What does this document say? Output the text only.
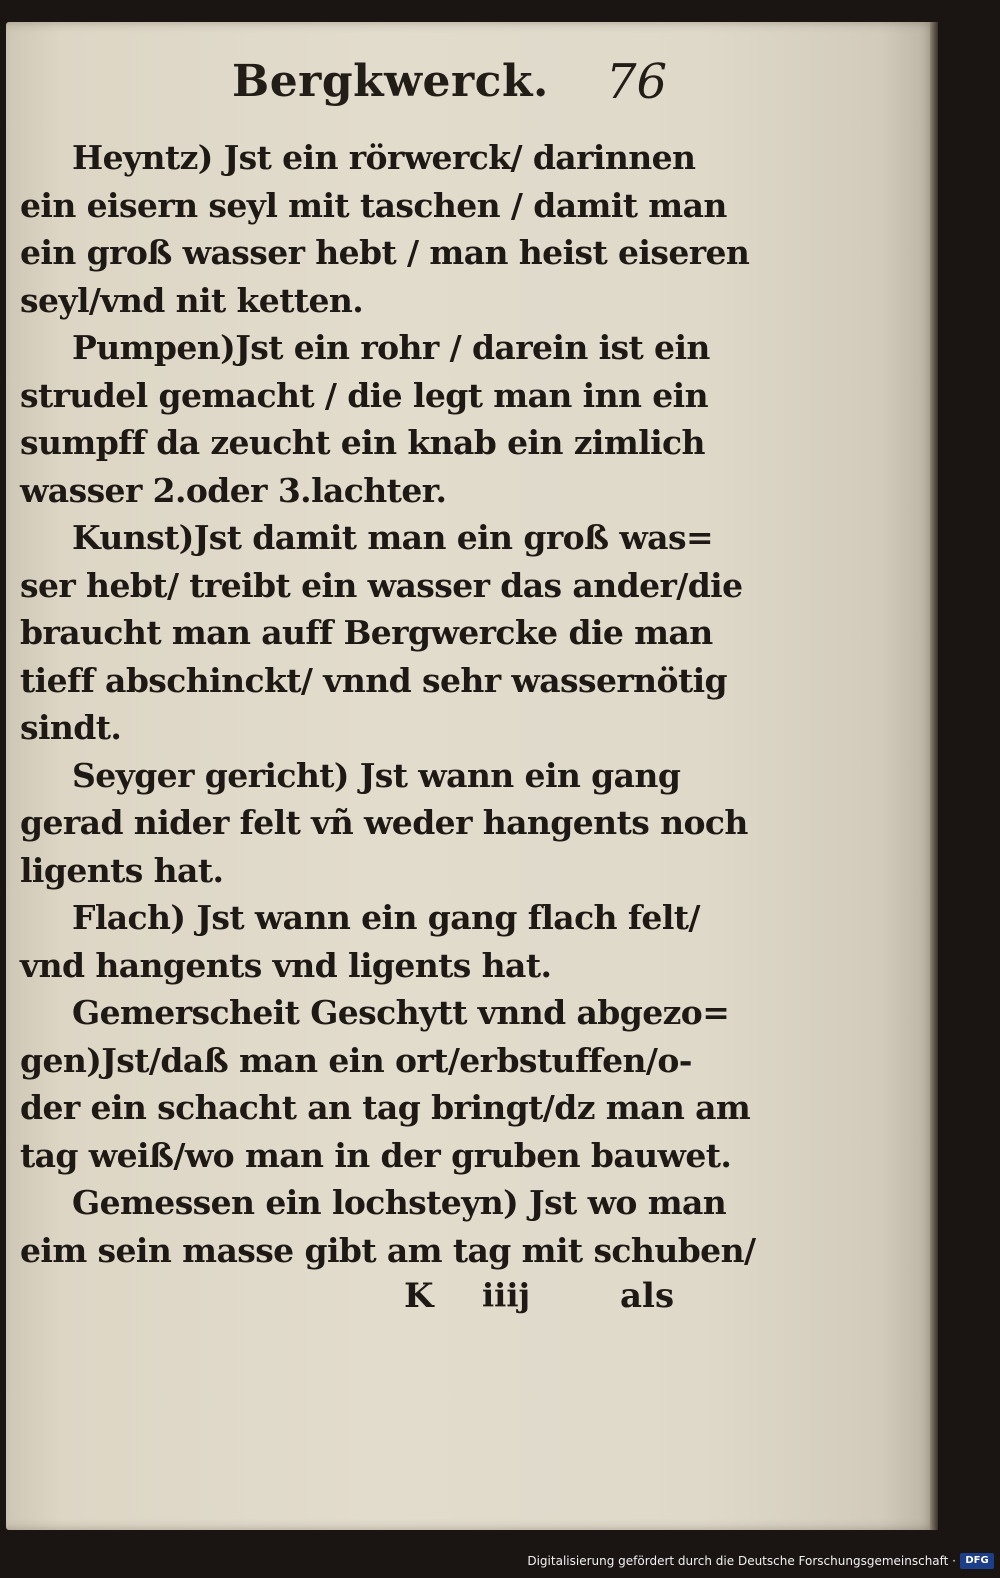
Bergkwerck. 76
Heyntz) Jst ein rörwerck/ darinnen
ein eisern seyl mit taschen / damit man
ein groß wasser hebt / man heist eiseren
seyl/vnd nit ketten.
Pumpen)Jst ein rohr / darein ist ein
strudel gemacht / die legt man inn ein
sumpff da zeucht ein knab ein zimlich
wasser 2.oder 3.lachter.
Kunst)Jst damit man ein groß was=
ser hebt/ treibt ein wasser das ander/die
braucht man auff Bergwercke die man
tieff abschinckt/ vnnd sehr wassernötig
sindt.
Seyger gericht) Jst wann ein gang
gerad nider felt vñ weder hangents noch
ligents hat.
Flach) Jst wann ein gang flach felt/
vnd hangents vnd ligents hat.
Gemerscheit Geschytt vnnd abgezo=
gen)Jst/daß man ein ort/erbstuffen/o-
der ein schacht an tag bringt/dz man am
tag weiß/wo man in der gruben bauwet.
Gemessen ein lochsteyn) Jst wo man
eim sein masse gibt am tag mit schuben/
K iiij	als
Digitalisierung gefördert durch die Deutsche Forschungsgemeinschaft · DFG
